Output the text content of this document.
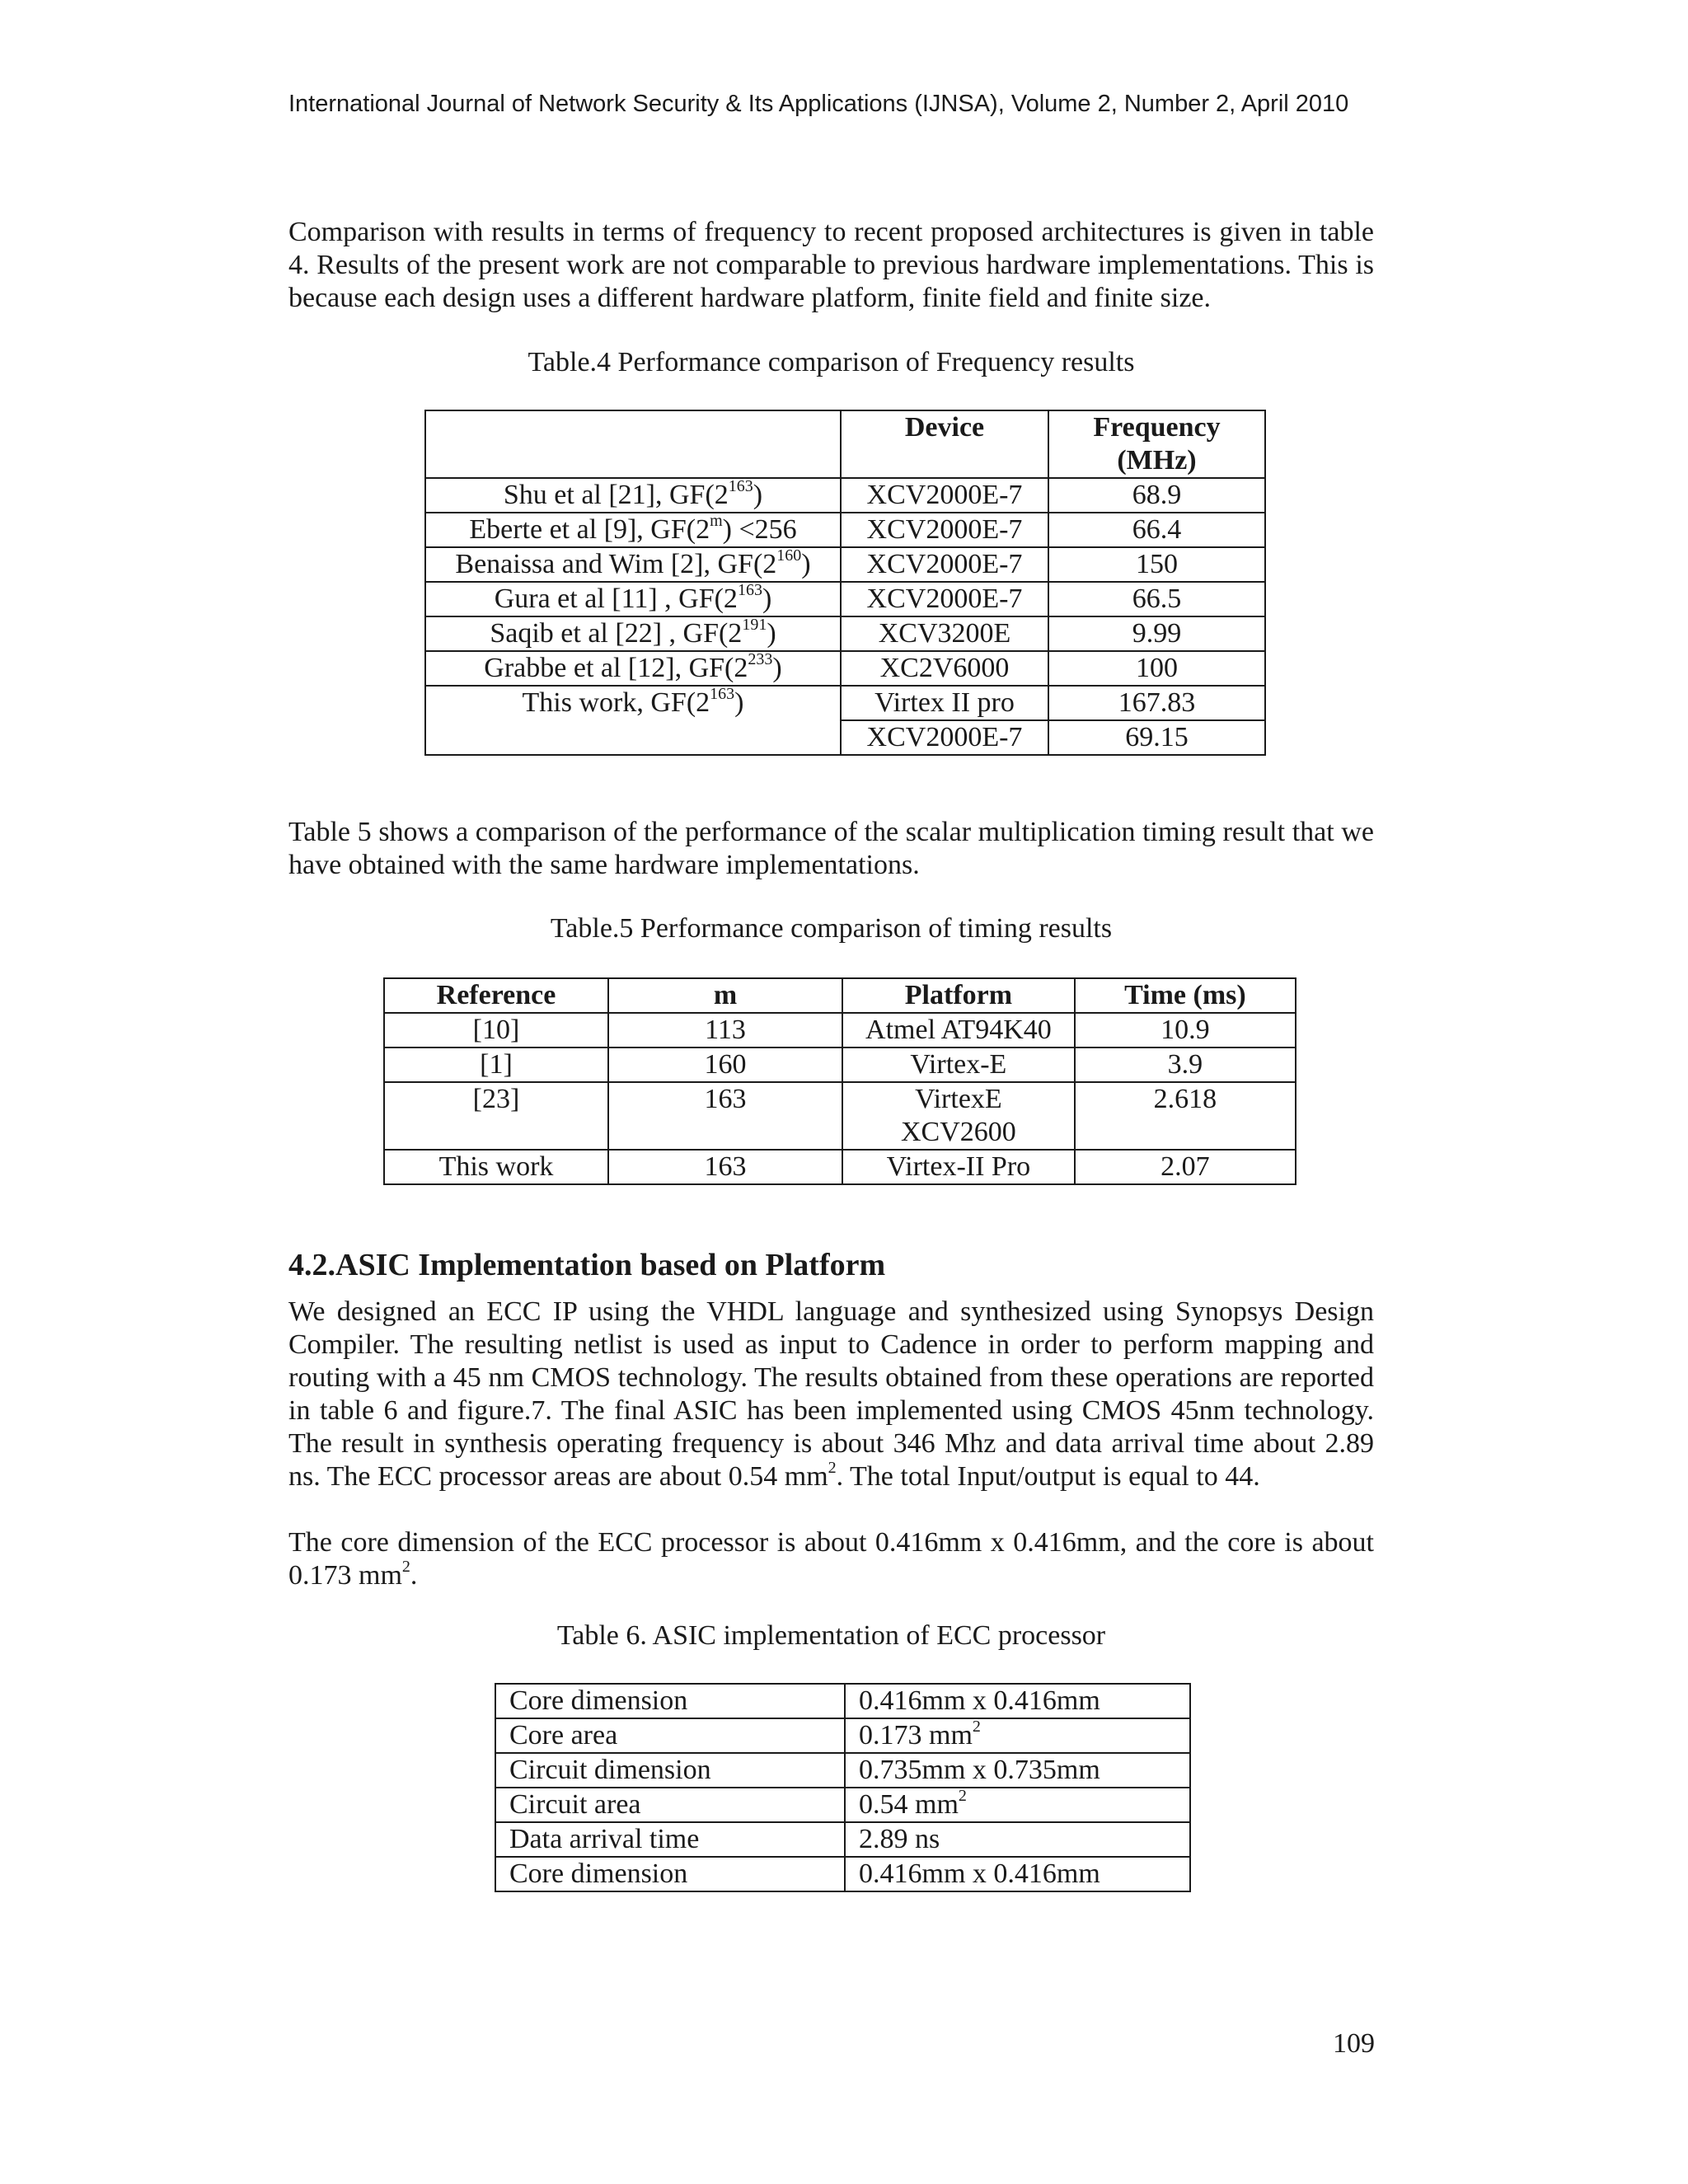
International Journal of Network Security & Its Applications (IJNSA), Volume 2, Number 2, April 2010
Comparison with results in terms of frequency to recent proposed architectures is given in table 4. Results of the present work are not comparable to previous hardware implementations. This is because each design uses a different hardware platform, finite field and finite size.
Table.4 Performance comparison of Frequency results
	Device	Frequency (MHz)
Shu et al [21], $GF(2^{163})$	XCV2000E-7	68.9
Eberte et al [9], $GF(2^m) <256$	XCV2000E-7	66.4
Benaissa and Wim [2], $GF(2^{160})$	XCV2000E-7	150
Gura et al [11] , $GF(2^{163})$	XCV2000E-7	66.5
Saqib et al [22] , $GF(2^{191})$	XCV3200E	9.99
Grabbe et al [12], $GF(2^{233})$	XC2V6000	100
This work, $GF(2^{163})$	Virtex II pro	167.83
	XCV2000E-7	69.15
Table 5 shows a comparison of the performance of the scalar multiplication timing result that we have obtained with the same hardware implementations.
Table.5 Performance comparison of timing results
Reference	m	Platform	Time (ms)
[10]	113	Atmel AT94K40	10.9
[1]	160	Virtex-E	3.9
[23]	163	VirtexE XCV2600	2.618
This work	163	Virtex-II Pro	2.07
4.2.ASIC Implementation based on Platform
We designed an ECC IP using the VHDL language and synthesized using Synopsys Design Compiler. The resulting netlist is used as input to Cadence in order to perform mapping and routing with a 45 nm CMOS technology. The results obtained from these operations are reported in table 6 and figure.7. The final ASIC has been implemented using CMOS 45nm technology. The result in synthesis operating frequency is about 346 Mhz and data arrival time about 2.89 ns. The ECC processor areas are about 0.54 $mm^2$. The total Input/output is equal to 44.
The core dimension of the ECC processor is about 0.416mm x 0.416mm, and the core is about 0.173 $mm^2$.
Table 6. ASIC implementation of ECC processor
Core dimension	0.416mm x 0.416mm
Core area	0.173 $mm^2$
Circuit dimension	0.735mm x 0.735mm
Circuit area	0.54 $mm^2$
Data arrival time	2.89 ns
Core dimension	0.416mm x 0.416mm
109
